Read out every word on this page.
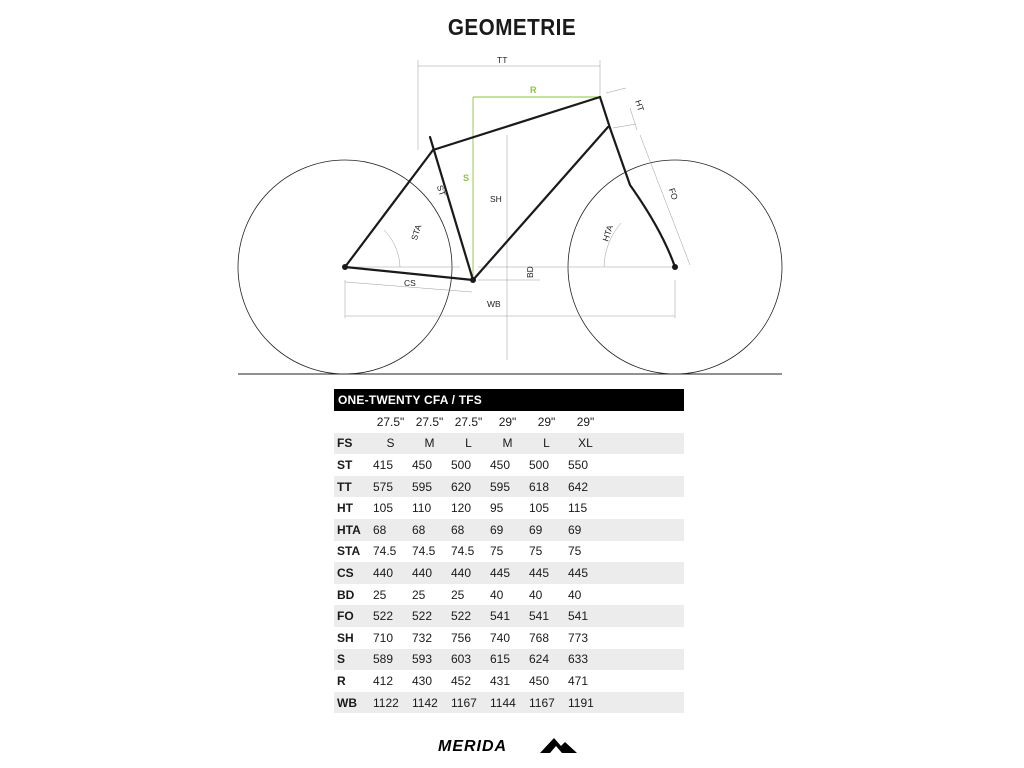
GEOMETRIE
TT
R
HT
ST
S
SH	FO
STA	HTA
BD
CS
WB
ONE-TWENTY CFA / TFS
27.5" 27.5" 27.5"	29"	29"	29"
FS	S	M	L	M	L	XL
ST	415	450	500	450	500	550
TT	575	595	620	595	618	642
HT	105	110	120	95	105	115
HTA	68	68	68	69	69	69
STA	74.5	74.5	74.5	75	75	75
CS	440	440	440	445	445	445
BD	25	25	25	40	40	40
FO	522	522	522	541	541	541
SH	710	732	756	740	768	773
S	589	593	603	615	624	633
R	412	430	452	431	450	471
WB	1122	1142	1167	1144	1167	1191
MERIDA
